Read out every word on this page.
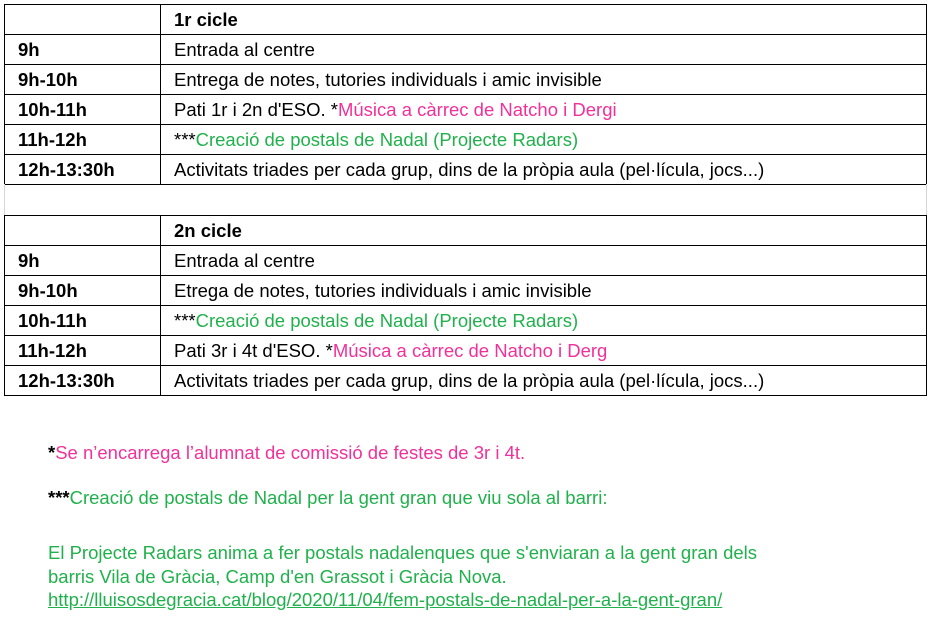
	1r cicle
9h	Entrada al centre
9h-10h	Entrega de notes, tutories individuals i amic invisible
10h-11h	Pati 1r i 2n d'ESO. *Música a càrrec de Natcho i Dergi
11h-12h	***Creació de postals de Nadal (Projecte Radars)
12h-13:30h	Activitats triades per cada grup, dins de la pròpia aula (pel·lícula, jocs...)
	2n cicle
9h	Entrada al centre
9h-10h	Etrega de notes, tutories individuals i amic invisible
10h-11h	***Creació de postals de Nadal (Projecte Radars)
11h-12h	Pati 3r i 4t d'ESO. *Música a càrrec de Natcho i Derg
12h-13:30h	Activitats triades per cada grup, dins de la pròpia aula (pel·lícula, jocs...)
*Se n’encarrega l’alumnat de comissió de festes de 3r i 4t.
***Creació de postals de Nadal per la gent gran que viu sola al barri:
El Projecte Radars anima a fer postals nadalenques que s'enviaran a la gent gran dels
barris Vila de Gràcia, Camp d'en Grassot i Gràcia Nova.
http://lluisosdegracia.cat/blog/2020/11/04/fem-postals-de-nadal-per-a-la-gent-gran/
